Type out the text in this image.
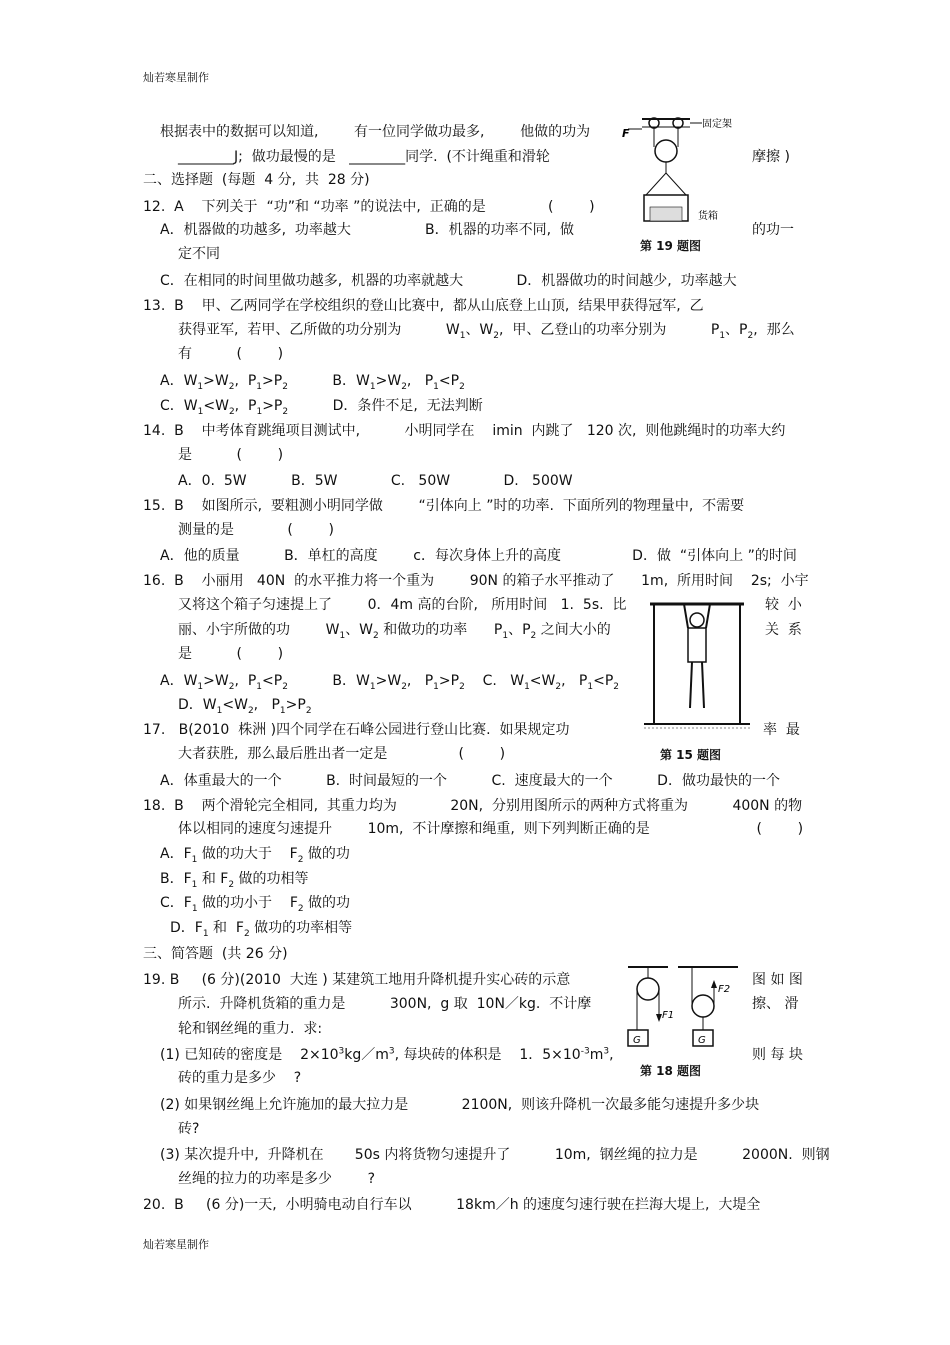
灿若寒星制作
根据表中的数据可以知道,        有一位同学做功最多,        他做的功为
________J;  做功最慢的是   ________同学.  (不计绳重和滑轮	摩擦 )
二、选择题  (每题  4 分,  共  28 分)
12.  A    下列关于  “功”和 “功率 ”的说法中,  正确的是              (        )
A．机器做的功越多,  功率越大	B．机器的功率不同,  做	的功一
定不同
C．在相同的时间里做功越多,  机器的功率就越大            D．机器做功的时间越少,  功率越大
13.  B    甲、乙两同学在学校组织的登山比赛中,  都从山底登上山顶,  结果甲获得冠军,  乙
获得亚军,  若甲、乙所做的功分别为          $W_1$、$W_2$,  甲、乙登山的功率分别为          $P_1$、$P_2$,  那么
有          (        )
A．$W_1>W_2$,  $P_1>P_2$          B．$W_1>W_2$,   $P_1<P_2$
C．$W_1<W_2$,  $P_1>P_2$          D．条件不足,  无法判断
14.  B    中考体育跳绳项目测试中,          小明同学在    imin  内跳了   120 次,  则他跳绳时的功率大约
是          (        )
A．0.  5W          B．5W            C.   50W            D.   500W
15.  B    如图所示,  要粗测小明同学做        “引体向上 ”时的功率.  下面所列的物理量中,  不需要
测量的是            (        )
A．他的质量          B．单杠的高度        c．每次身体上升的高度                D．做  “引体向上 ”的时间
16.  B    小丽用   40N  的水平推力将一个重为        90N 的箱子水平推动了      1m,  所用时间    2s;  小宇
又将这个箱子匀速提上了        0．4m 高的台阶,   所用时间   1.  5s.  比	较  小
丽、小宇所做的功        $W_1$、$W_2$ 和做功的功率      $P_1$、$P_2$ 之间大小的	关  系
是          (        )
A．$W_1>W_2$,  $P_1<P_2$          B．$W_1>W_2$,   $P_1>P_2$    C.   $W_1<W_2$,   $P_1<P_2$
D．$W_1<W_2$,   $P_1>P_2$
17.   B(2010  株洲 )四个同学在石峰公园进行登山比赛.  如果规定功	率  最
大者获胜,  那么最后胜出者一定是                (        )
A．体重最大的一个          B.  时间最短的一个          C.  速度最大的一个          D．做功最快的一个
18.  B    两个滑轮完全相同,  其重力均为            20N,  分别用图所示的两种方式将重为          400N 的物
体以相同的速度匀速提升        10m,  不计摩擦和绳重,  则下列判断正确的是                        (        )
A．$F_1$ 做的功大于    $F_2$ 做的功
B．$F_1$ 和 $F_2$ 做的功相等
C．$F_1$ 做的功小于    $F_2$ 做的功
D．$F_1$ 和  $F_2$ 做功的功率相等
三、简答题  (共 26 分)
19. B     (6 分)(2010  大连 ) 某建筑工地用升降机提升实心砖的示意	图 如 图
所示.  升降机货箱的重力是          300N,  g 取  10N／kg.  不计摩	擦、 滑
轮和钢丝绳的重力.  求:
(1) 已知砖的密度是    $2\times 10^3kg/m^3$, 每块砖的体积是    1．$5\times 10^{-3}m^3$,	则 每 块
砖的重力是多少    ?
(2) 如果钢丝绳上允许施加的最大拉力是            2100N,  则该升降机一次最多能匀速提升多少块
砖?
(3) 某次提升中,  升降机在       50s 内将货物匀速提升了          10m,  钢丝绳的拉力是          2000N.  则钢
丝绳的拉力的功率是多少        ?
20.  B     (6 分)一天,  小明骑电动自行车以          18km／h 的速度匀速行驶在拦海大堤上,  大堤全
灿若寒星制作
货箱
F
固定架
第 19 题图
第 15 题图
F1
G
F2
G
第 18 题图
